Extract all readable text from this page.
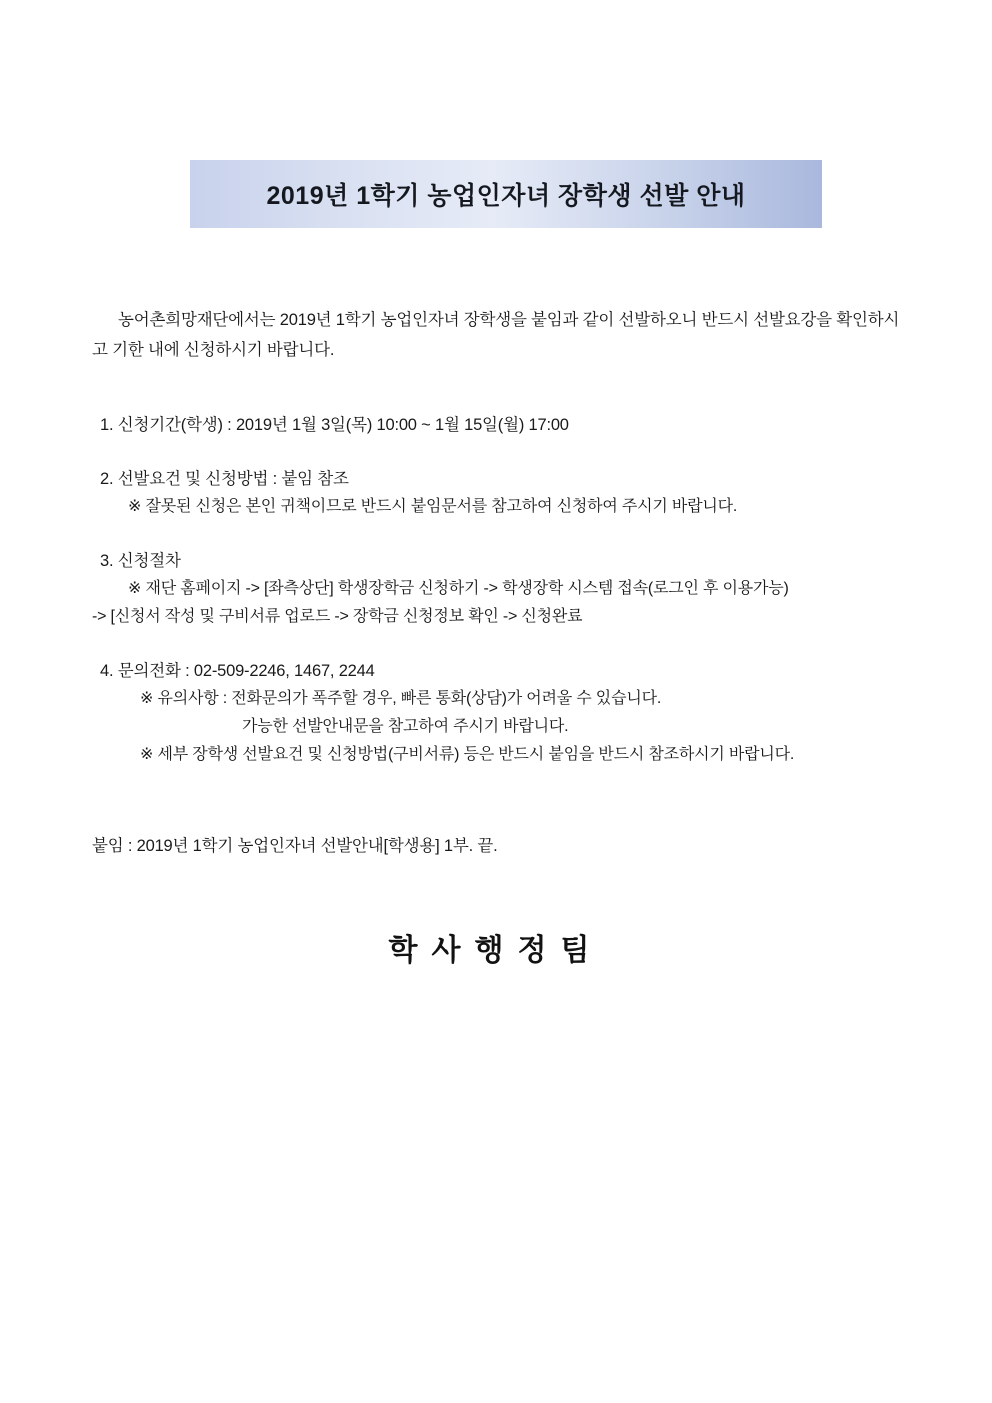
2019년 1학기 농업인자녀 장학생 선발 안내

농어촌희망재단에서는 2019년 1학기 농업인자녀 장학생을 붙임과 같이 선발하오니 반드시 선발요강을 확인하시고 기한 내에 신청하시기 바랍니다.

1. 신청기간(학생) : 2019년 1월 3일(목) 10:00 ~ 1월 15일(월) 17:00

2. 선발요건 및 신청방법 : 붙임 참조

※ 잘못된 신청은 본인 귀책이므로 반드시 붙임문서를 참고하여 신청하여 주시기 바랍니다.

3. 신청절차

※ 재단 홈페이지 -> [좌측상단] 학생장학금 신청하기 -> 학생장학 시스템 접속(로그인 후 이용가능)

-> [신청서 작성 및 구비서류 업로드 -> 장학금 신청정보 확인 -> 신청완료

4. 문의전화 : 02-509-2246, 1467, 2244

※ 유의사항 : 전화문의가 폭주할 경우, 빠른 통화(상담)가 어려울 수 있습니다.

가능한 선발안내문을 참고하여 주시기 바랍니다.

※ 세부 장학생 선발요건 및 신청방법(구비서류) 등은 반드시 붙임을 반드시 참조하시기 바랍니다.

붙임 : 2019년 1학기 농업인자녀 선발안내[학생용] 1부. 끝.

학사행정팀
